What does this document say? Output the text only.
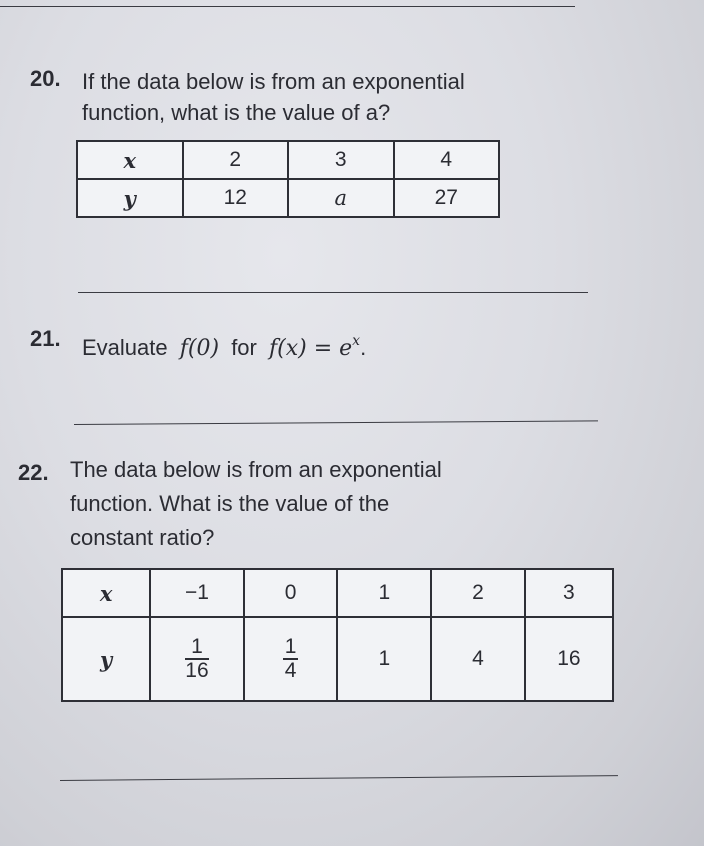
20. If the data below is from an exponential
function, what is the value of a?
x	2	3	4
y	12	a	27
21. Evaluate f(0) for $f(x) = e^x$.
22. The data below is from an exponential
function. What is the value of the
constant ratio?
x	−1	0	1	2	3
y	$\frac{1}{16}$	$\frac{1}{4}$	1	4	16
